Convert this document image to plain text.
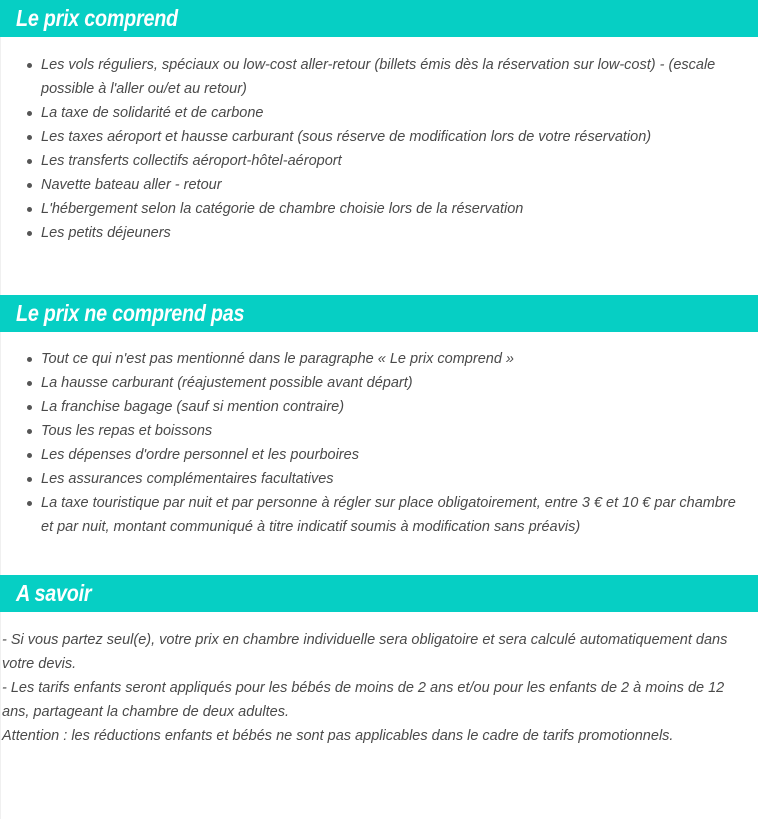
Le prix comprend
Les vols réguliers, spéciaux ou low-cost aller-retour (billets émis dès la réservation sur low-cost) - (escale possible à l'aller ou/et au retour)
La taxe de solidarité et de carbone
Les taxes aéroport et hausse carburant (sous réserve de modification lors de votre réservation)
Les transferts collectifs aéroport-hôtel-aéroport
Navette bateau aller - retour
L'hébergement selon la catégorie de chambre choisie lors de la réservation
Les petits déjeuners
Le prix ne comprend pas
Tout ce qui n'est pas mentionné dans le paragraphe « Le prix comprend »
La hausse carburant (réajustement possible avant départ)
La franchise bagage (sauf si mention contraire)
Tous les repas et boissons
Les dépenses d'ordre personnel et les pourboires
Les assurances complémentaires facultatives
La taxe touristique par nuit et par personne à régler sur place obligatoirement, entre 3 € et 10 € par chambre et par nuit, montant communiqué à titre indicatif soumis à modification sans préavis)
A savoir

- Si vous partez seul(e), votre prix en chambre individuelle sera obligatoire et sera calculé automatiquement dans votre devis.

- Les tarifs enfants seront appliqués pour les bébés de moins de 2 ans et/ou pour les enfants de 2 à moins de 12 ans, partageant la chambre de deux adultes.

Attention : les réductions enfants et bébés ne sont pas applicables dans le cadre de tarifs promotionnels.
